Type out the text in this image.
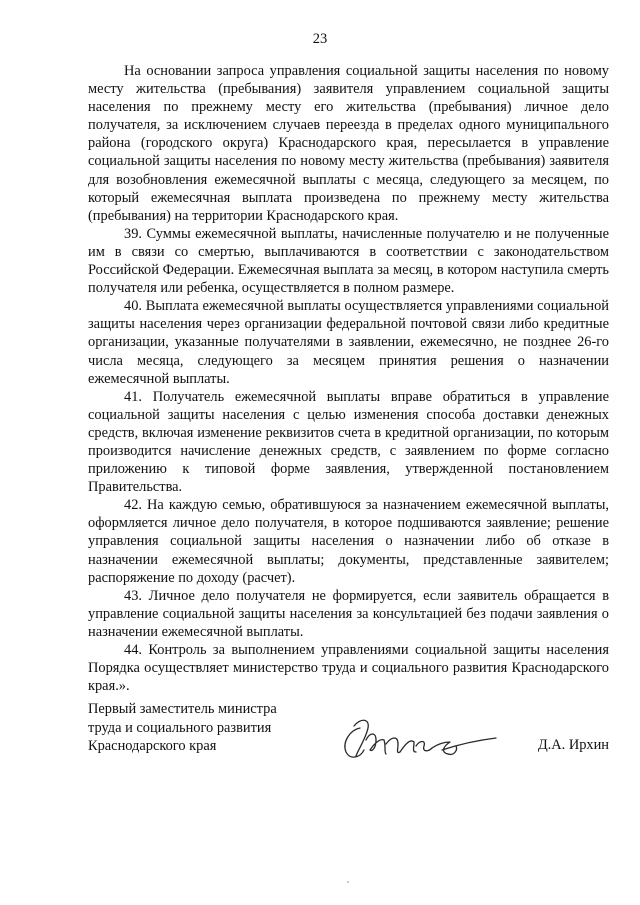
23

На основании запроса управления социальной защиты населения по новому месту жительства (пребывания) заявителя управлением социальной защиты населения по прежнему месту его жительства (пребывания) личное дело получателя, за исключением случаев переезда в пределах одного муниципального района (городского округа) Краснодарского края, пересылается в управление социальной защиты населения по новому месту жительства (пребывания) заявителя для возобновления ежемесячной выплаты с месяца, следующего за месяцем, по который ежемесячная выплата произведена по прежнему месту жительства (пребывания) на территории Краснодарского края.

39. Суммы ежемесячной выплаты, начисленные получателю и не полученные им в связи со смертью, выплачиваются в соответствии с законодательством Российской Федерации. Ежемесячная выплата за месяц, в котором наступила смерть получателя или ребенка, осуществляется в полном размере.

40. Выплата ежемесячной выплаты осуществляется управлениями социальной защиты населения через организации федеральной почтовой связи либо кредитные организации, указанные получателями в заявлении, ежемесячно, не позднее 26-го числа месяца, следующего за месяцем принятия решения о назначении ежемесячной выплаты.

41. Получатель ежемесячной выплаты вправе обратиться в управление социальной защиты населения с целью изменения способа доставки денежных средств, включая изменение реквизитов счета в кредитной организации, по которым производится начисление денежных средств, с заявлением по форме согласно приложению к типовой форме заявления, утвержденной постановлением Правительства.

42. На каждую семью, обратившуюся за назначением ежемесячной выплаты, оформляется личное дело получателя, в которое подшиваются заявление; решение управления социальной защиты населения о назначении либо об отказе в назначении ежемесячной выплаты; документы, представленные заявителем; распоряжение по доходу (расчет).

43. Личное дело получателя не формируется, если заявитель обращается в управление социальной защиты населения за консультацией без подачи заявления о назначении ежемесячной выплаты.

44. Контроль за выполнением управлениями социальной защиты населения Порядка осуществляет министерство труда и социального развития Краснодарского края.».

Первый заместитель министра
труда и социального развития
Краснодарского края	Д.А. Ирхин
